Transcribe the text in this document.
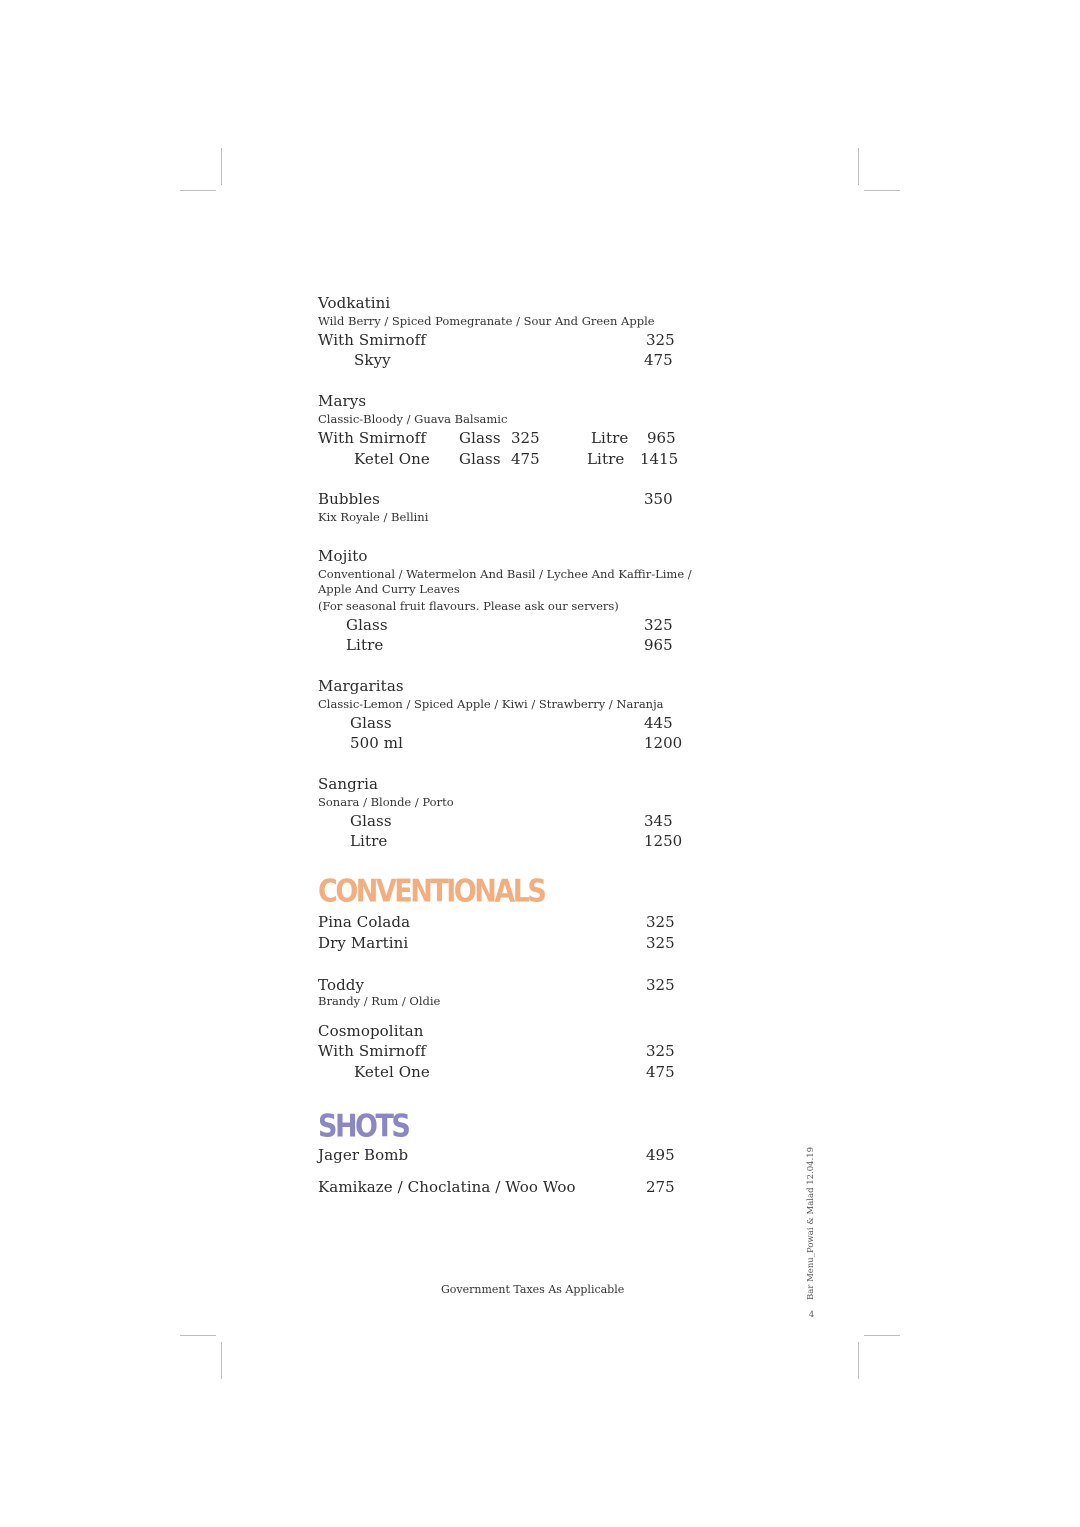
Vodkatini
Wild Berry / Spiced Pomegranate / Sour And Green Apple
With Smirnoff	325
Skyy	475
Marys
Classic-Bloody / Guava Balsamic
With Smirnoff Glass 325	Litre 965
Ketel One Glass 475	Litre 1415
Bubbles	350
Kix Royale / Bellini
Mojito
Conventional / Watermelon And Basil / Lychee And Kaffir-Lime /
Apple And Curry Leaves
(For seasonal fruit flavours. Please ask our servers)
Glass	325
Litre	965
Margaritas
Classic-Lemon / Spiced Apple / Kiwi / Strawberry / Naranja
Glass	445
500 ml	1200
Sangria
Sonara / Blonde / Porto
Glass	345
Litre	1250
CONVENTIONALS
Pina Colada	325
Dry Martini	325
Toddy	325
Brandy / Rum / Oldie
Cosmopolitan
With Smirnoff	325
Ketel One	475
SHOTS
Jager Bomb	495
Kamikaze / Choclatina / Woo Woo	275
Government Taxes As Applicable	Bar Menu_Powai & Malad 12.04.19
4
